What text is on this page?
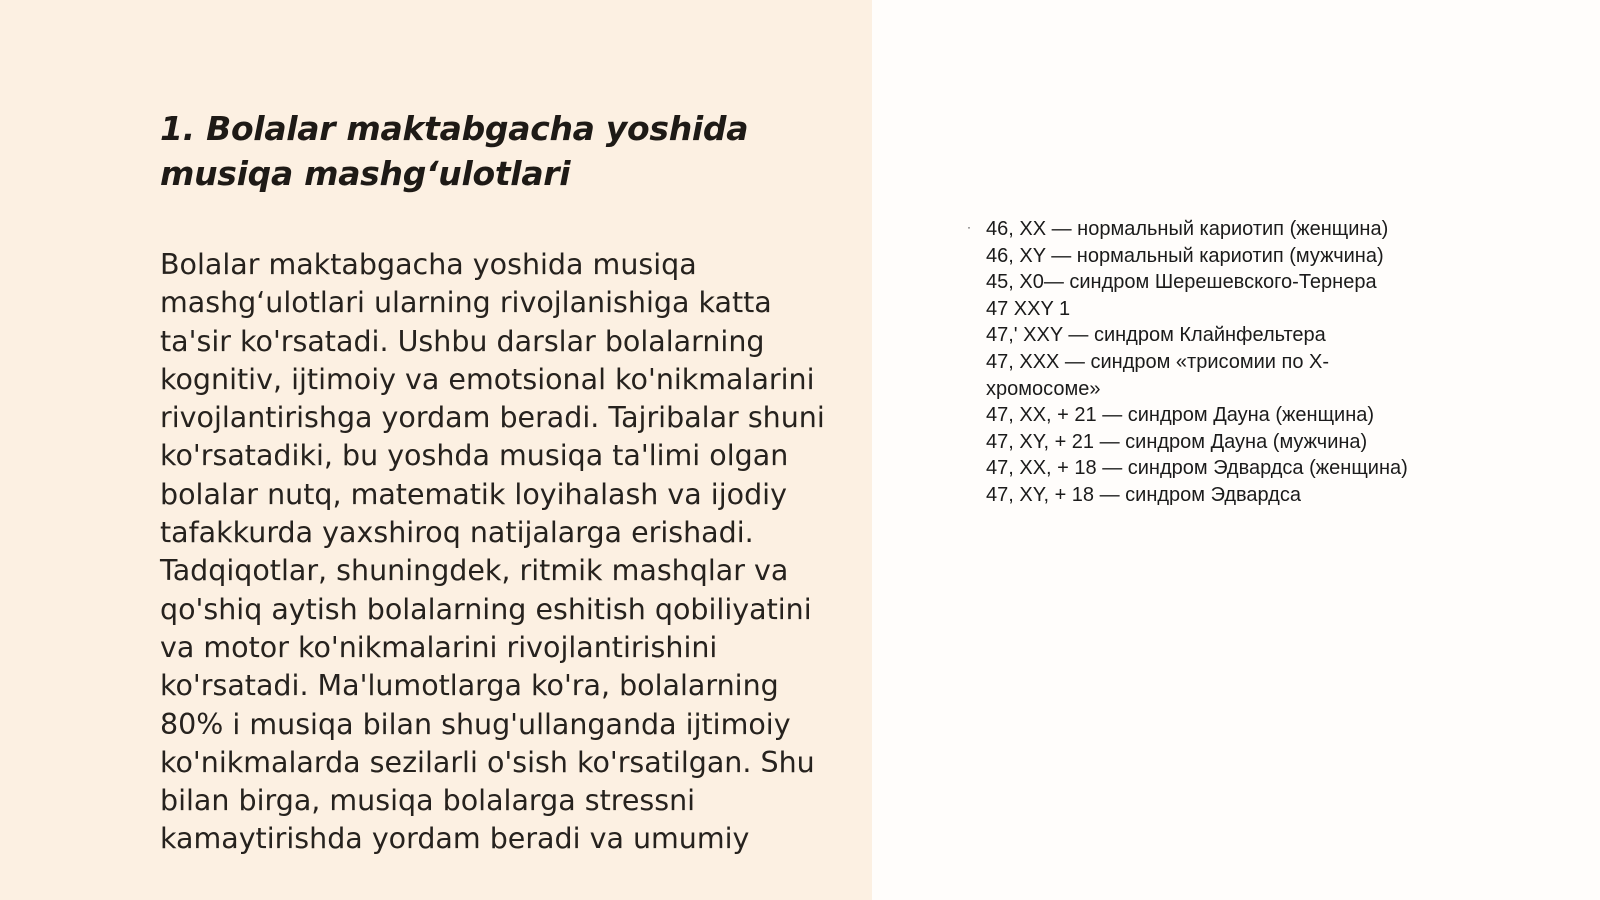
1. Bolalar maktabgacha yoshida musiqa mashg‘ulotlari

Bolalar maktabgacha yoshida musiqa mashg‘ulotlari ularning rivojlanishiga katta ta'sir ko'rsatadi. Ushbu darslar bolalarning kognitiv, ijtimoiy va emotsional ko'nikmalarini rivojlantirishga yordam beradi. Tajribalar shuni ko'rsatadiki, bu yoshda musiqa ta'limi olgan bolalar nutq, matematik loyihalash va ijodiy tafakkurda yaxshiroq natijalarga erishadi. Tadqiqotlar, shuningdek, ritmik mashqlar va qo'shiq aytish bolalarning eshitish qobiliyatini va motor ko'nikmalarini rivojlantirishini ko'rsatadi. Ma'lumotlarga ko'ra, bolalarning 80% i musiqa bilan shug'ullanganda ijtimoiy ko'nikmalarda sezilarli o'sish ko'rsatilgan. Shu bilan birga, musiqa bolalarga stressni kamaytirishda yordam beradi va umumiy

· 46, XX — нормальный кариотип (женщина)
46, XY — нормальный кариотип (мужчина)
45, X0— синдром Шерешевского-Тернера
47 XXY 1
47,' XXY — синдром Клайнфельтера
47, XXX — синдром «трисомии по Х-хромосоме»
47, XX, + 21 — синдром Дауна (женщина)
47, XY, + 21 — синдром Дауна (мужчина)
47, XX, + 18 — синдром Эдвардса (женщина)
47, XY, + 18 — синдром Эдвардса
